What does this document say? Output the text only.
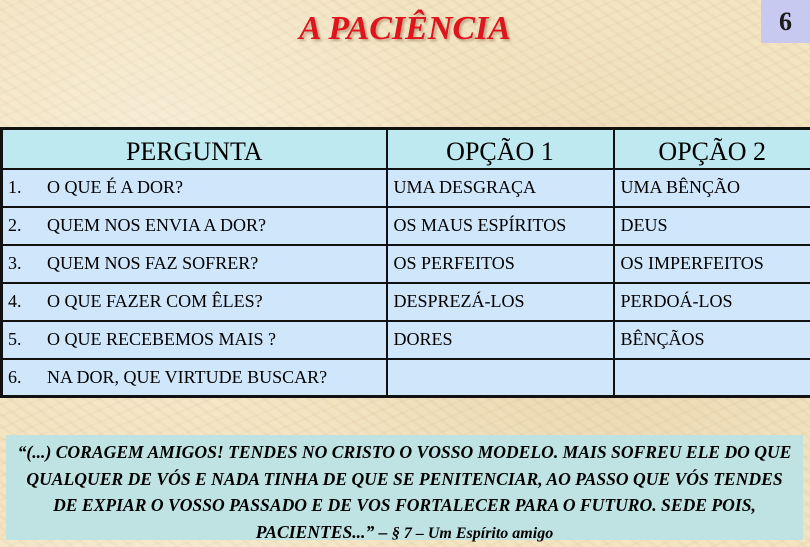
A PACIÊNCIA	6
PERGUNTA	OPÇÃO 1	OPÇÃO 2
1. O QUE É A DOR?	UMA DESGRAÇA	UMA BÊNÇÃO
2. QUEM NOS ENVIA A DOR?	OS MAUS ESPÍRITOS	DEUS
3. QUEM NOS FAZ SOFRER?	OS PERFEITOS	OS IMPERFEITOS
4. O QUE FAZER COM ÊLES?	DESPREZÁ-LOS	PERDOÁ-LOS
5. O QUE RECEBEMOS MAIS ?	DORES	BÊNÇÃOS
6. NA DOR, QUE VIRTUDE BUSCAR?		
“(...) CORAGEM AMIGOS! TENDES NO CRISTO O VOSSO MODELO. MAIS SOFREU ELE DO QUE QUALQUER DE VÓS E NADA TINHA DE QUE SE PENITENCIAR, AO PASSO QUE VÓS TENDES DE EXPIAR O VOSSO PASSADO E DE VOS FORTALECER PARA O FUTURO. SEDE POIS, PACIENTES...” – § 7 – Um Espírito amigo
